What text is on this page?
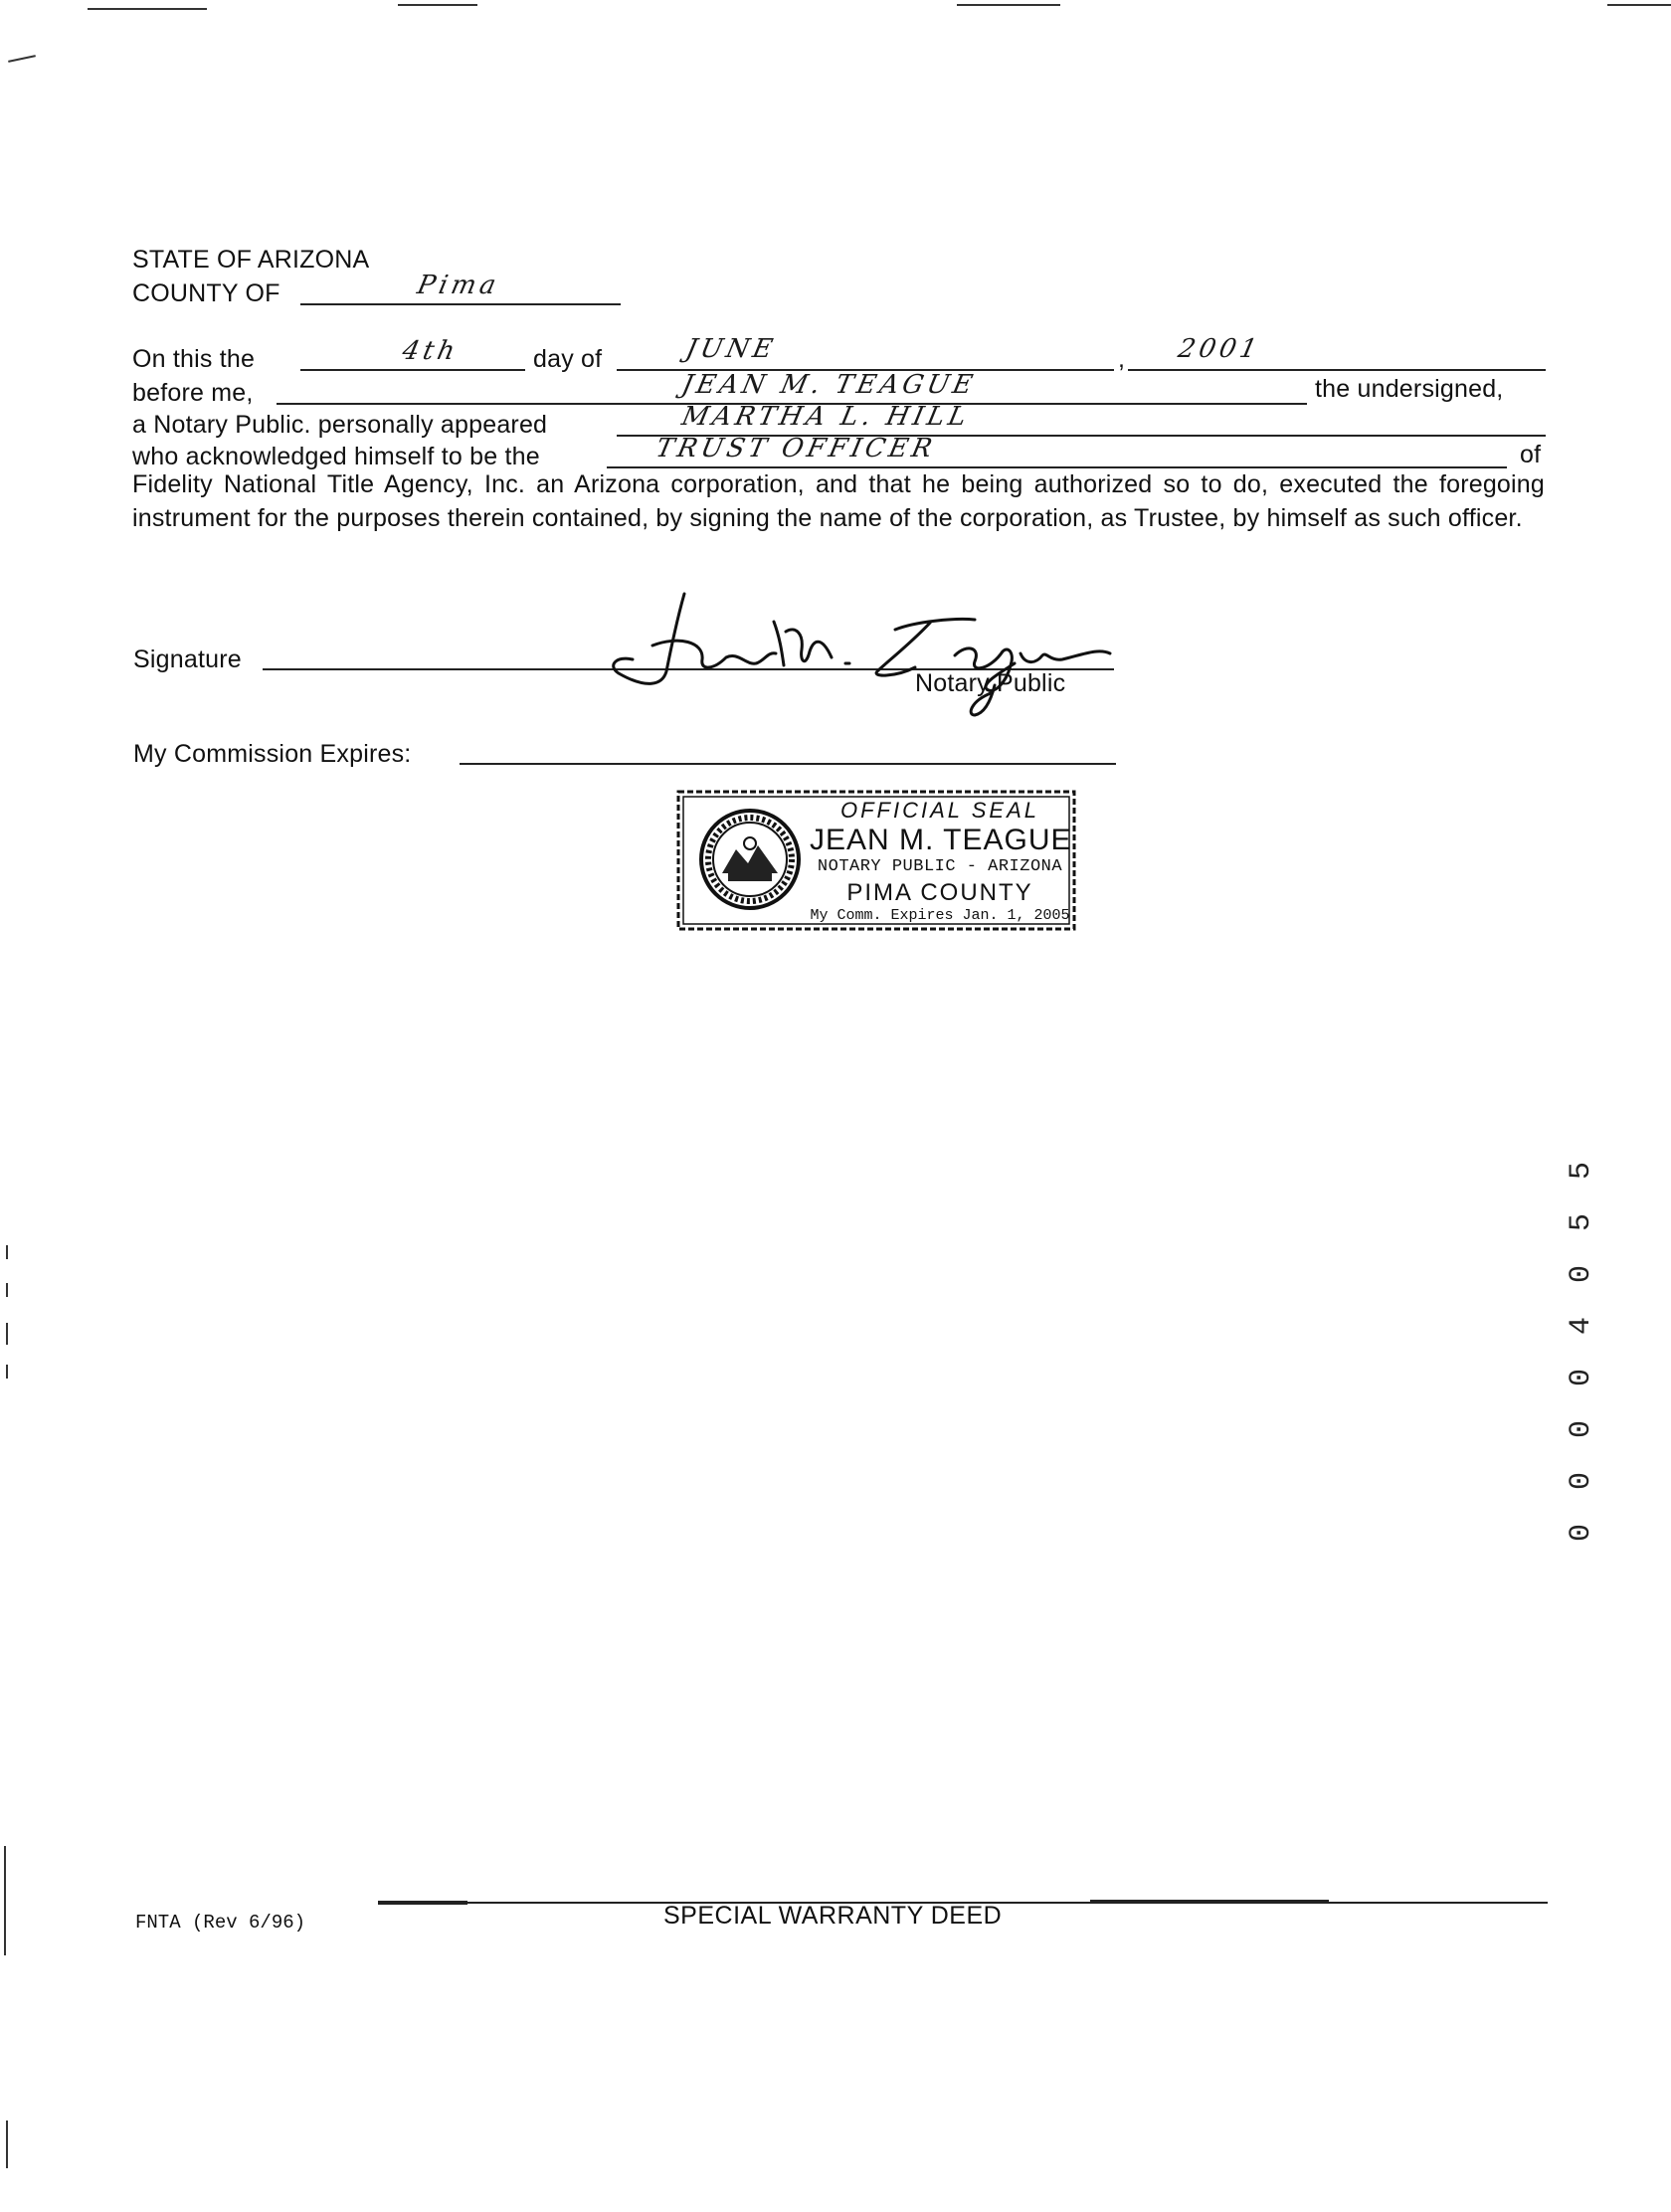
STATE OF ARIZONA
COUNTY OF	Pima
On this the	4th	day of	JUNE	, 2001
before me,	JEAN M. TEAGUE	the undersigned,
a Notary Public. personally appeared	MARTHA L. HILL
who acknowledged himself to be the	TRUST OFFICER	of
Fidelity National Title Agency, Inc. an Arizona corporation, and that he being authorized so to do, executed the foregoing instrument for the purposes therein contained, by signing the name of the corporation, as Trustee, by himself as such officer.
Signature
Notary Public
My Commission Expires:
OFFICIAL SEAL
JEAN M. TEAGUE
NOTARY PUBLIC - ARIZONA
PIMA COUNTY
My Comm. Expires Jan. 1, 2005
0 0 0 0 4 0 5 5
FNTA (Rev 6/96)	SPECIAL WARRANTY DEED
